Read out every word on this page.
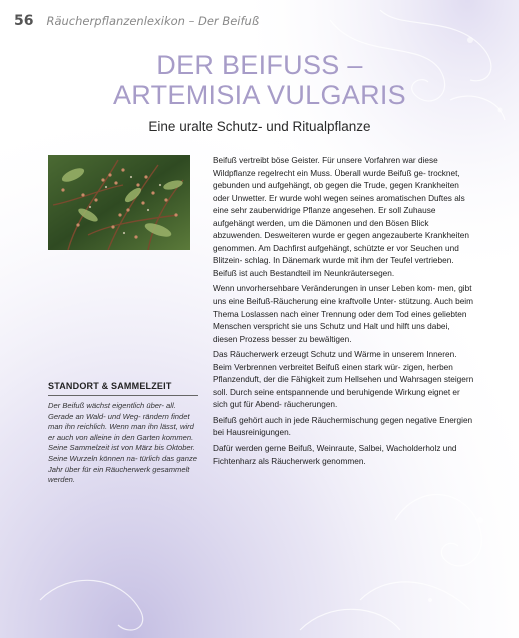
56 Räucherpflanzenlexikon – Der Beifuß
DER BEIFUSS –
ARTEMISIA VULGARIS
Eine uralte Schutz- und Ritualpflanze
STANDORT & SAMMELZEIT
Der Beifuß wächst eigentlich über- all. Gerade an Wald- und Weg- rändern findet man ihn reichlich. Wenn man ihn lässt, wird er auch von alleine in den Garten kommen. Seine Sammelzeit ist von März bis Oktober. Seine Wurzeln können na- türlich das ganze Jahr über für ein Räucherwerk gesammelt werden.

Beifuß vertreibt böse Geister. Für unsere Vorfahren war diese Wildpflanze regelrecht ein Muss. Überall wurde Beifuß ge- trocknet, gebunden und aufgehängt, ob gegen die Trude, gegen Krankheiten oder Unwetter. Er wurde wohl wegen seines aromatischen Duftes als eine sehr zauberwidrige Pflanze angesehen. Er soll Zuhause aufgehängt werden, um die Dämonen und den Bösen Blick abzuwenden. Desweiteren wurde er gegen angezauberte Krankheiten genommen. Am Dachfirst aufgehängt, schützte er vor Seuchen und Blitzein- schlag. In Dänemark wurde mit ihm der Teufel vertrieben. Beifuß ist auch Bestandteil im Neunkräutersegen.

Wenn unvorhersehbare Veränderungen in unser Leben kom- men, gibt uns eine Beifuß-Räucherung eine kraftvolle Unter- stützung. Auch beim Thema Loslassen nach einer Trennung oder dem Tod eines geliebten Menschen verspricht sie uns Schutz und Halt und hilft uns dabei, diesen Prozess besser zu bewältigen.

Das Räucherwerk erzeugt Schutz und Wärme in unserem Inneren. Beim Verbrennen verbreitet Beifuß einen stark wür- zigen, herben Pflanzenduft, der die Fähigkeit zum Hellsehen und Wahrsagen steigern soll. Durch seine entspannende und beruhigende Wirkung eignet er sich gut für Abend- räucherungen.

Beifuß gehört auch in jede Räuchermischung gegen negative Energien bei Hausreinigungen.

Dafür werden gerne Beifuß, Weinraute, Salbei, Wacholderholz und Fichtenharz als Räucherwerk genommen.
